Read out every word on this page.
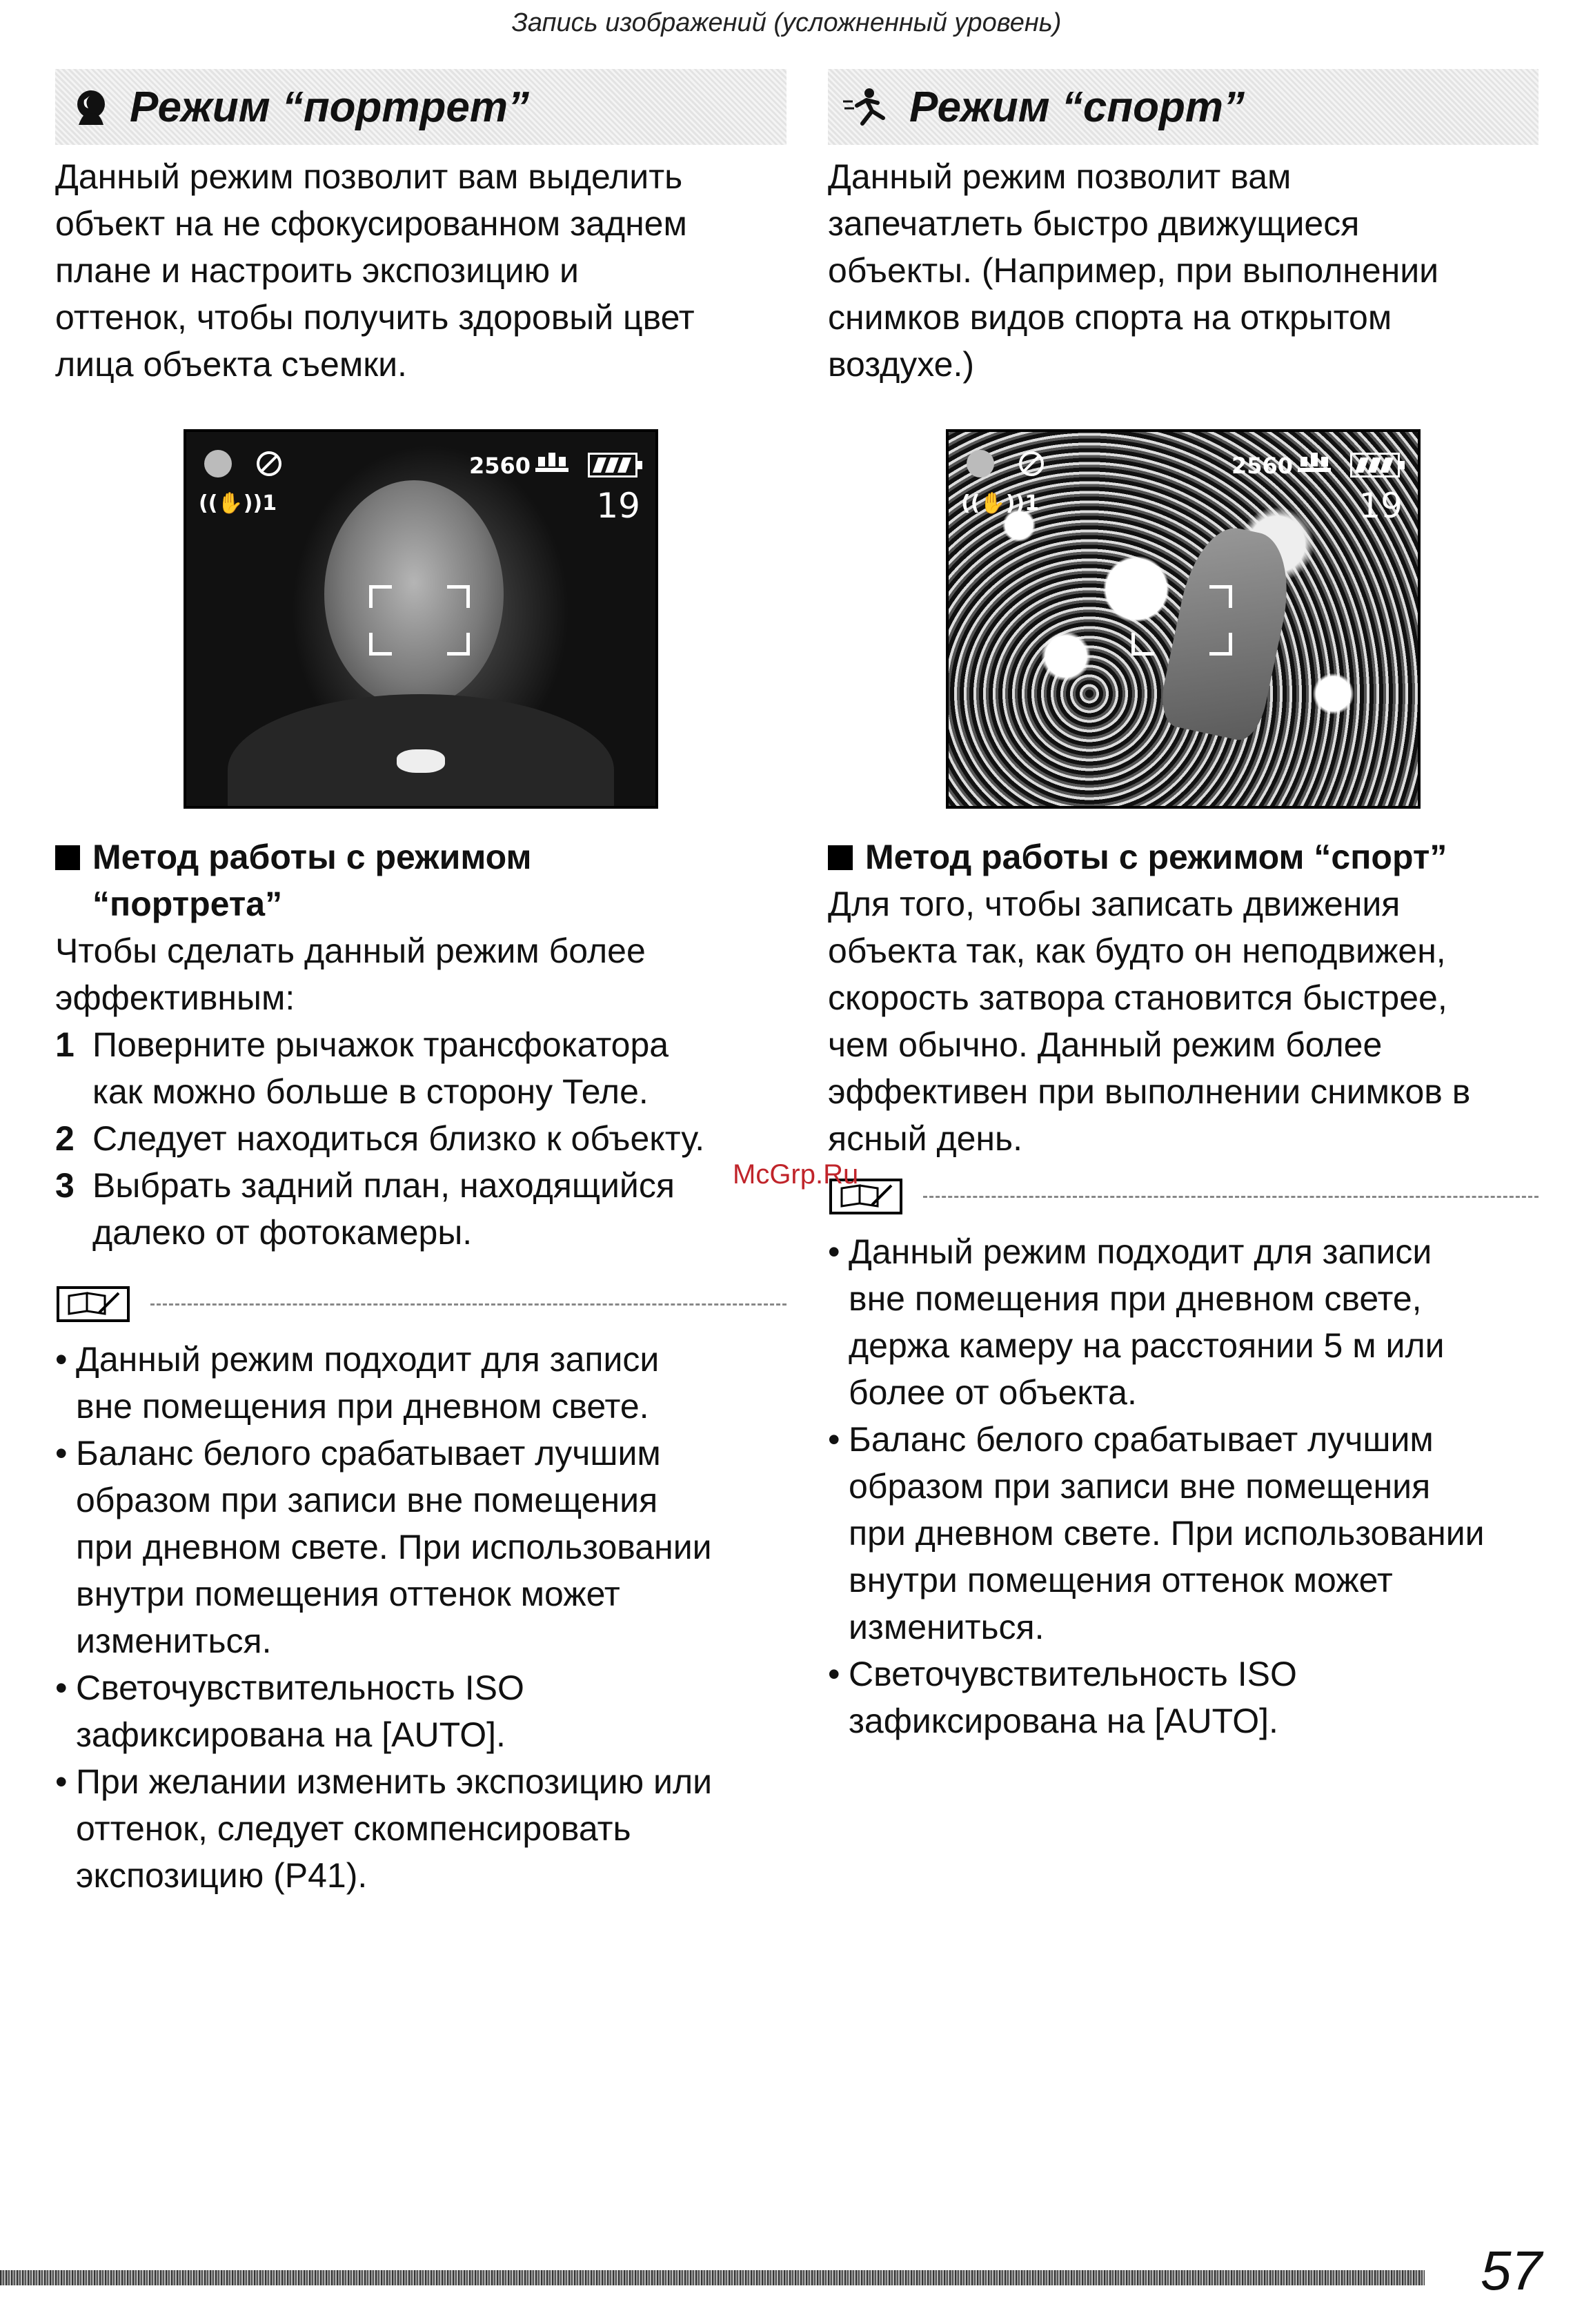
Запись изображений (усложненный уровень)
Режим “портрет”
Данный режим позволит вам выделить
объект на не сфокусированном заднем
плане и настроить экспозицию и
оттенок, чтобы получить здоровый цвет
лица объекта съемки.
((✋))1
2560
19
Метод работы с режимом
“портрета”
Чтобы сделать данный режим более
эффективным:
1 Поверните рычажок трансфокатора
как можно больше в сторону Теле.
2 Следует находиться близко к объекту.
3 Выбрать задний план, находящийся
далеко от фотокамеры.
• Данный режим подходит для записи
вне помещения при дневном свете.
• Баланс белого срабатывает лучшим
образом при записи вне помещения
при дневном свете. При использовании
внутри помещения оттенок может
измениться.
• Светочувствительность ISO
зафиксирована на [AUTO].
• При желании изменить экспозицию или
оттенок, следует скомпенсировать
экспозицию (P41).
Режим “спорт”
Данный режим позволит вам
запечатлеть быстро движущиеся
объекты. (Например, при выполнении
снимков видов спорта на открытом
воздухе.)
((✋))1
2560
19
Метод работы с режимом “спорт”
Для того, чтобы записать движения
объекта так, как будто он неподвижен,
скорость затвора становится быстрее,
чем обычно. Данный режим более
эффективен при выполнении снимков в
ясный день.
• Данный режим подходит для записи
вне помещения при дневном свете,
держа камеру на расстоянии 5 м или
более от объекта.
• Баланс белого срабатывает лучшим
образом при записи вне помещения
при дневном свете. При использовании
внутри помещения оттенок может
измениться.
• Светочувствительность ISO
зафиксирована на [AUTO].
McGrp.Ru
57
